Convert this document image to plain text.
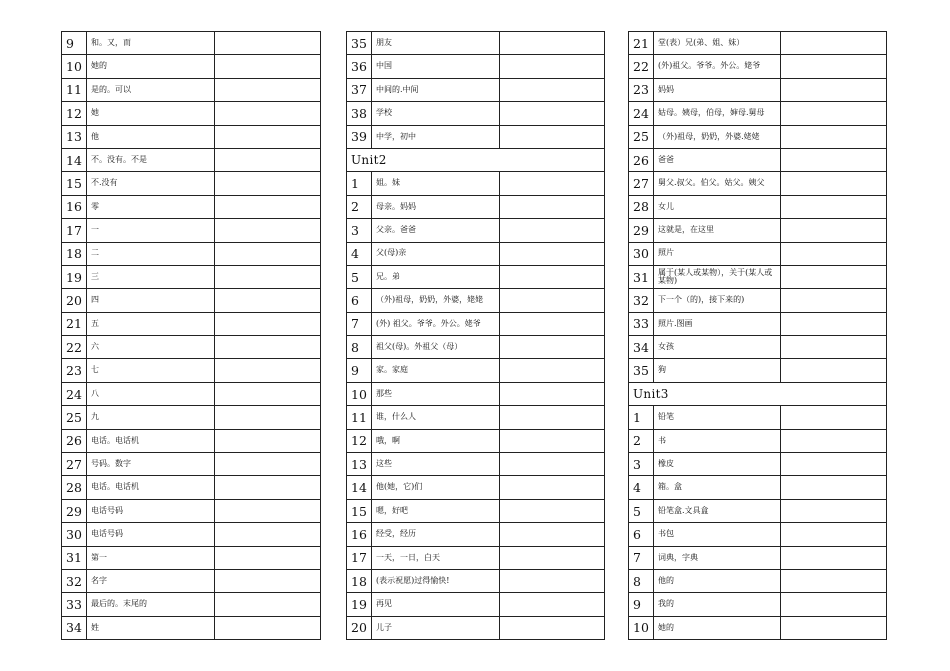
9	和。又，而	
10	她的	
11	是的。可以	
12	她	
13	他	
14	不。没有。不是	
15	不.没有	
16	零	
17	一	
18	二	
19	三	
20	四	
21	五	
22	六	
23	七	
24	八	
25	九	
26	电话。电话机	
27	号码。数字	
28	电话。电话机	
29	电话号码	
30	电话号码	
31	第一	
32	名字	
33	最后的。末尾的	
34	姓	
35	朋友	
36	中国	
37	中间的.中间	
38	学校	
39	中学，初中	
Unit2		
1	姐。妹	
2	母亲。妈妈	
3	父亲。爸爸	
4	父(母)亲	
5	兄。弟	
6	（外)祖母，奶奶，外婆，姥姥	
7	(外) 祖父。爷爷。外公。姥爷	
8	祖父(母)。外祖父（母）	
9	家。家庭	
10	那些	
11	谁，什么人	
12	哦，啊	
13	这些	
14	他(她，它)们	
15	嗯，好吧	
16	经受，经历	
17	一天，一日，白天	
18	(表示祝愿)过得愉快!	
19	再见	
20	儿子	
21	堂(表）兄(弟、姐、妹）	
22	(外)祖父。爷爷。外公。姥爷	
23	妈妈	
24	姑母。姨母，伯母，婶母.舅母	
25	（外)祖母，奶奶，外婆.姥姥	
26	爸爸	
27	舅父.叔父。伯父。姑父。姨父	
28	女儿	
29	这就是，在这里	
30	照片	
31	属于(某人或某物），关于(某人或某物)	
32	下一个（的)，接下来的)	
33	照片.图画	
34	女孩	
35	狗	
Unit3		
1	铅笔	
2	书	
3	橡皮	
4	箱。盒	
5	铅笔盒.文具盒	
6	书包	
7	词典，字典	
8	他的	
9	我的	
10	她的	
